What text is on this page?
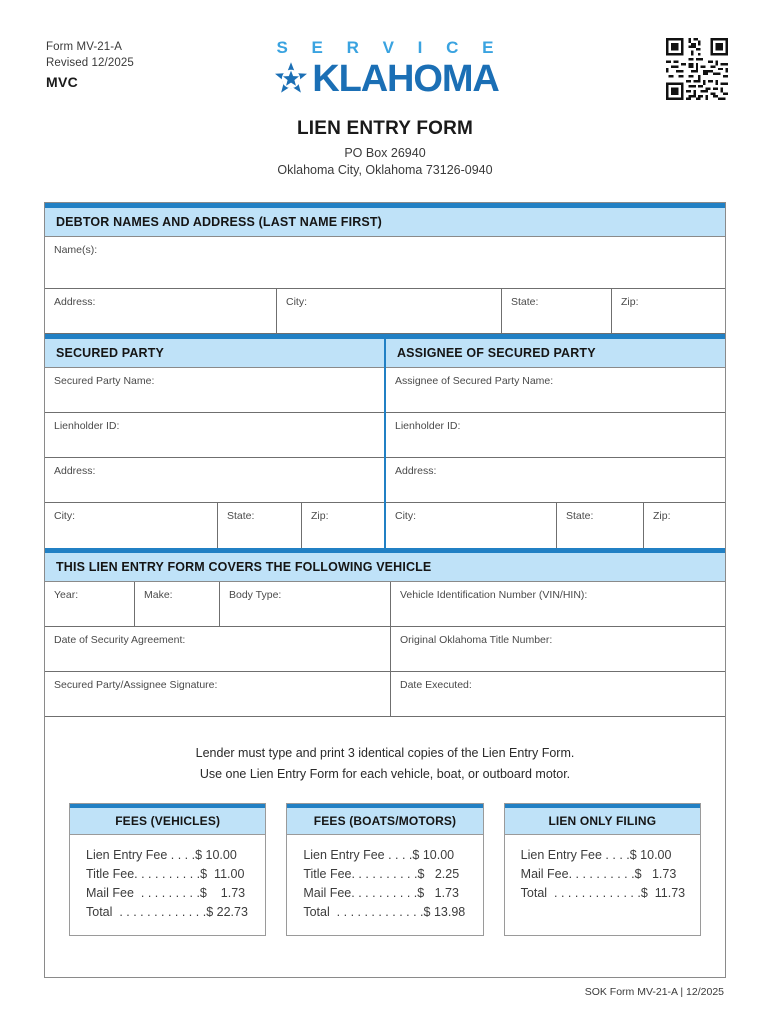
Form MV-21-A
Revised 12/2025
MVC
S E R V I C E
KLAHOMA
LIEN ENTRY FORM
PO Box 26940
Oklahoma City, Oklahoma 73126-0940
DEBTOR NAMES AND ADDRESS (LAST NAME FIRST)
Name(s):
Address:	City:	State:	Zip:
SECURED PARTY
Secured Party Name:
Lienholder ID:
Address:
City:	State:	Zip:
ASSIGNEE OF SECURED PARTY
Assignee of Secured Party Name:
Lienholder ID:
Address:
City:	State:	Zip:
THIS LIEN ENTRY FORM COVERS THE FOLLOWING VEHICLE
Year:	Make:	Body Type:	Vehicle Identification Number (VIN/HIN):
Date of Security Agreement:	Original Oklahoma Title Number:
Secured Party/Assignee Signature:	Date Executed:
Lender must type and print 3 identical copies of the Lien Entry Form.
Use one Lien Entry Form for each vehicle, boat, or outboard motor.
FEES (VEHICLES)
Lien Entry Fee . . . . $ 10.00
Title Fee. . . . . . . . . . $  11.00
Mail Fee  . . . . . . . . . $    1.73
Total  . . . . . . . . . . . . . $ 22.73
FEES (BOATS/MOTORS)
Lien Entry Fee . . . . $ 10.00
Title Fee. . . . . . . . . . $   2.25
Mail Fee. . . . . . . . . . $   1.73
Total  . . . . . . . . . . . . . $ 13.98
LIEN ONLY FILING
Lien Entry Fee . . . . $ 10.00
Mail Fee. . . . . . . . . . $   1.73
Total  . . . . . . . . . . . . . $  11.73
SOK Form MV-21-A | 12/2025
